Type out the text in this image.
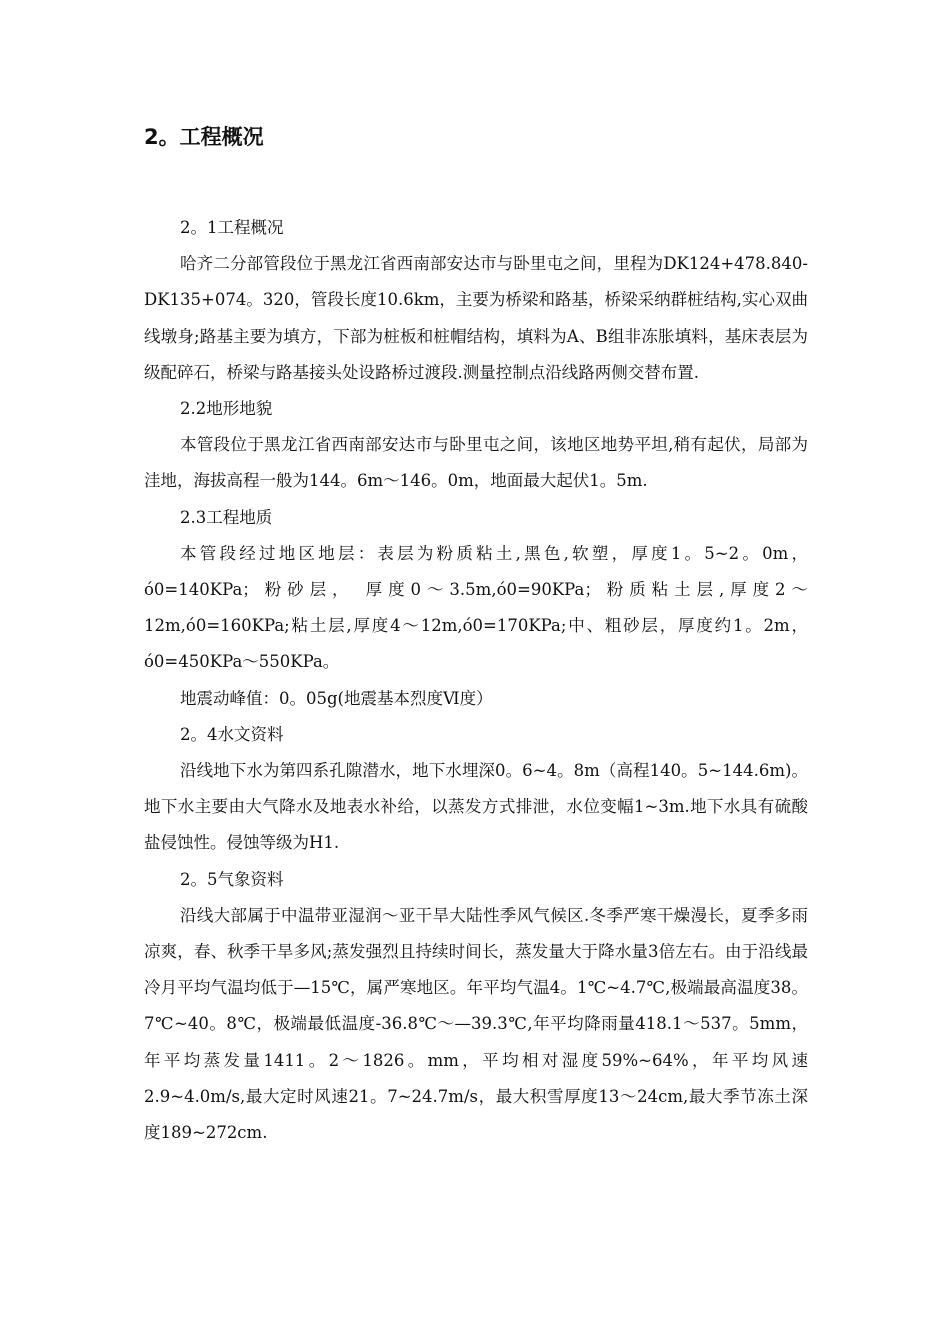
2。工程概况

2。1工程概况

哈齐二分部管段位于黑龙江省西南部安达市与卧里屯之间，里程为DK124+478.840-DK135+074。320，管段长度10.6km，主要为桥梁和路基，桥梁采纳群桩结构,实心双曲线墩身;路基主要为填方，下部为桩板和桩帽结构，填料为A、B组非冻胀填料，基床表层为级配碎石，桥梁与路基接头处设路桥过渡段.测量控制点沿线路两侧交替布置.

2.2地形地貌

本管段位于黑龙江省西南部安达市与卧里屯之间，该地区地势平坦,稍有起伏，局部为洼地，海拔高程一般为144。6m～146。0m，地面最大起伏1。5m.

2.3工程地质

本管段经过地区地层：表层为粉质粘土,黑色,软塑，厚度1。5~2。0m，ό0=140KPa；粉砂层， 厚度0～3.5m,ό0=90KPa；粉质粘土层,厚度2～12m,ό0=160KPa;粘土层,厚度4～12m,ό0=170KPa;中、粗砂层，厚度约1。2m，ό0=450KPa～550KPa。

地震动峰值：0。05g(地震基本烈度Ⅵ度）

2。4水文资料

沿线地下水为第四系孔隙潜水，地下水埋深0。6~4。8m（高程140。5~144.6m)。地下水主要由大气降水及地表水补给，以蒸发方式排泄，水位变幅1~3m.地下水具有硫酸盐侵蚀性。侵蚀等级为H1.

2。5气象资料

沿线大部属于中温带亚湿润～亚干旱大陆性季风气候区.冬季严寒干燥漫长，夏季多雨凉爽，春、秋季干旱多风;蒸发强烈且持续时间长，蒸发量大于降水量3倍左右。由于沿线最冷月平均气温均低于—15℃，属严寒地区。年平均气温4。1℃~4.7℃,极端最高温度38。7℃~40。8℃，极端最低温度-36.8℃～—39.3℃,年平均降雨量418.1～537。5mm，年平均蒸发量1411。2～1826。mm，平均相对湿度59%~64%，年平均风速2.9~4.0m/s,最大定时风速21。7~24.7m/s，最大积雪厚度13～24cm,最大季节冻土深度189~272cm.
